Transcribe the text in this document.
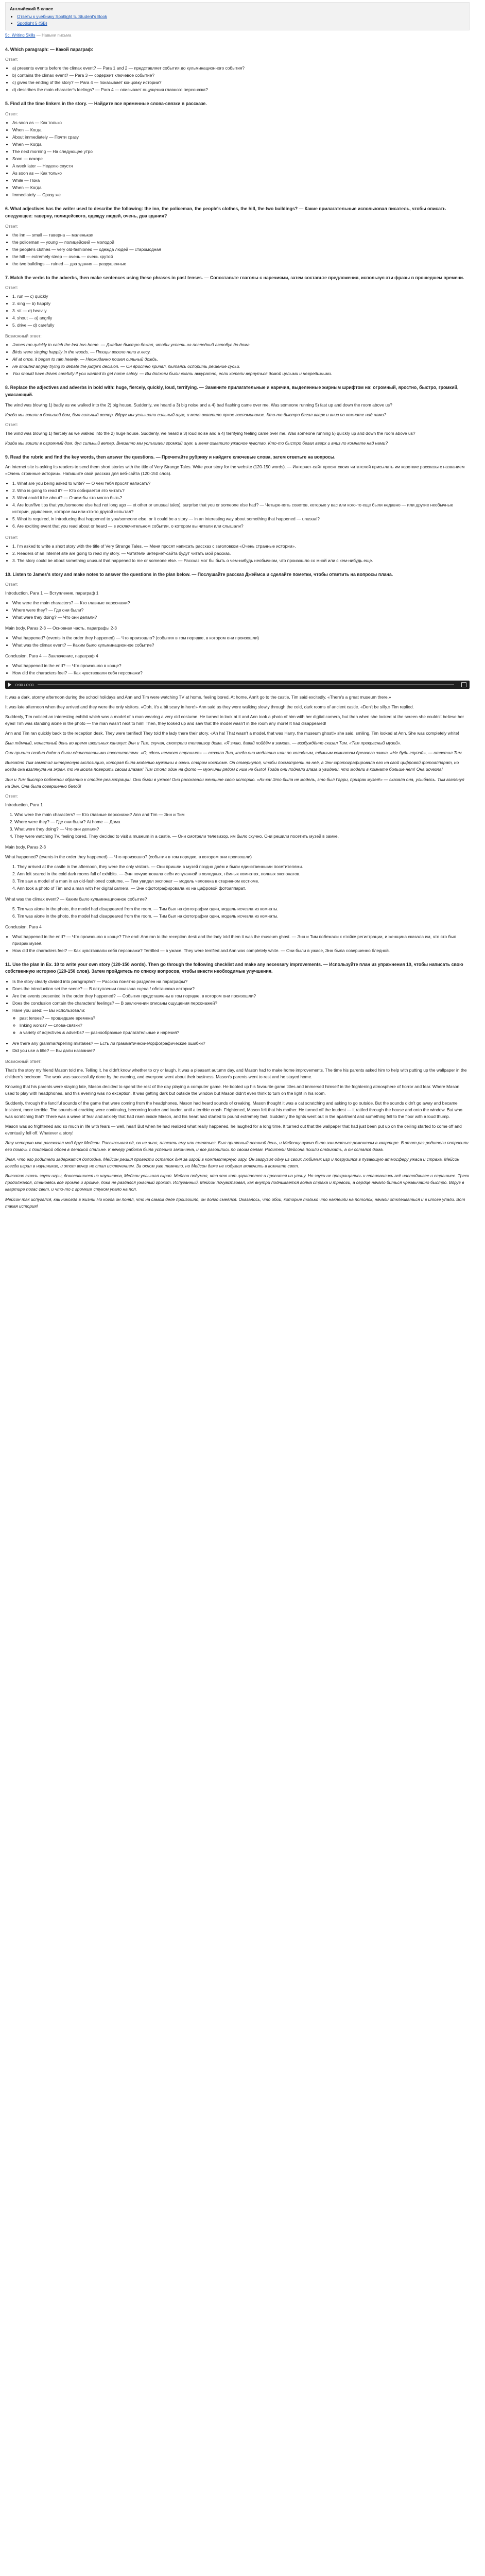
Английский 5 класс
• Ответы к учебнику Spotlight 5. Student's Book
• Spotlight 5 (SB)
5с. Writing Skills — Навыки письма
4. Which paragraph: — Какой параграф:
Ответ:
• a) presents events before the climax event? — Para 1 and 2 — представляет события до кульминационного события?
• b) contains the climax event? — Para 3 — содержит ключевое событие?
• c) gives the ending of the story? — Para 4 — показывает концовку истории?
• d) describes the main character's feelings? — Para 4 — описывает ощущения главного персонажа?
5. Find all the time linkers in the story. — Найдите все временные слова-связки в рассказе.
Ответ:
• As soon as — Как только
• When — Когда
• About immediately — Почти сразу
• When — Когда
• The next morning — На следующее утро
• Soon — вскоре
• A week later — Неделю спустя
• As soon as — Как только
• While — Пока
• When — Когда
• Immediately — Сразу же
6. What adjectives has the writer used to describe the following: the inn, the policeman, the people's clothes, the hill, the two buildings? — Какие прилагательные использовал писатель, чтобы описать следующее: таверну, полицейского, одежду людей, очень, два здания?
Ответ:
• the inn — small — таверна — маленькая
• the policeman — young — полицейский — молодой
• the people's clothes — very old-fashioned — одежда людей — старомодная
• the hill — extremely steep — очень — очень крутой
• the two buildings — ruined — два здания — разрушенные
7. Match the verbs to the adverbs, then make sentences using these phrases in past tenses. — Сопоставьте глаголы с наречиями, затем составьте предложения, используя эти фразы в прошедшем времени.
Ответ:
• 1. run — c) quickly
• 2. sing — b) happily
• 3. sit — e) heavily
• 4. shout — a) angrily
• 5. drive — d) carefully
Возможный ответ:
• James ran quickly to catch the last bus home. — Джеймс быстро бежал, чтобы успеть на последний автобус до дома.
• Birds were singing happily in the woods. — Птицы весело пели в лесу.
• All at once, it began to rain heavily. — Неожиданно пошел сильный дождь.
• He shouted angrily trying to debate the judge's decision. — Он яростно кричал, пытаясь оспорить решение судьи.
• You should have driven carefully if you wanted to get home safely. — Вы должны были ехать аккуратно, если хотели вернуться домой целыми и невредимыми.
8. Replace the adjectives and adverbs in bold with: huge, fiercely, quickly, loud, terrifying. — Замените прилагательные и наречия, выделенные жирным шрифтом на: огромный, яростно, быстро, громкий, ужасающий.

The wind was blowing 1) badly as we walked into the 2) big house. Suddenly, we heard a 3) big noise and a 4) bad flashing came over me. Was someone running 5) fast up and down the room above us?

Когда мы вошли в большой дом, был сильный ветер. Вдруг мы услышали сильный шум, и меня охватило яркое воспоминание. Кто-то быстро бегал вверх и вниз по комнате над нами?

Ответ:

The wind was blowing 1) fiercely as we walked into the 2) huge house. Suddenly, we heard a 3) loud noise and a 4) terrifying feeling came over me. Was someone running 5) quickly up and down the room above us?

Когда мы вошли в огромный дом, дул сильный ветер. Внезапно мы услышали громкий шум, и меня охватило ужасное чувство. Кто-то быстро бегал вверх и вниз по комнате над нами?

9. Read the rubric and find the key words, then answer the questions. — Прочитайте рубрику и найдите ключевые слова, затем ответьте на вопросы.

An Internet site is asking its readers to send them short stories with the title of Very Strange Tales. Write your story for the website (120-150 words). — Интернет-сайт просит своих читателей присылать им короткие рассказы с названием «Очень странные истории». Напишите свой рассказ для веб-сайта (120-150 слов).

• 1. What are you being asked to write? — О чем тебя просят написать?
• 2. Who is going to read it? — Кто собирается это читать?
• 3. What could it be about? — О чем бы это могло быть?
• 4. Are four/five tips that you/someone else had not long ago — et other or unusual tales), surprise that you or someone else had? — Четыре-пять советов, которые у вас или кого-то еще были недавно — или другие необычные истории, удивление, которое вы или кто-то другой испытал?
• 5. What is required, in introducing that happened to you/someone else, or it could be a story — in an interesting way about something that happened — unusual?
• 6. Are exciting event that you read about or heard — в исключительном событии, о котором вы читали или слышали?
Ответ:
• 1. I'm asked to write a short story with the title of Very Strange Tales. — Меня просят написать рассказ с заголовком «Очень странные истории».
• 2. Readers of an Internet site are going to read my story. — Читатели интернет-сайта будут читать мой рассказ.
• 3. The story could be about something unusual that happened to me or someone else. — Рассказ мог бы быть о чем-нибудь необычном, что произошло со мной или с кем-нибудь еще.
10. Listen to James's story and make notes to answer the questions in the plan below. — Послушайте рассказ Джеймса и сделайте пометки, чтобы ответить на вопросы плана.
Ответ:

Introduction, Para 1 — Вступление, параграф 1

• Who were the main characters? — Кто главные персонажи?
• Where were they? — Где они были?
• What were they doing? — Что они делали?

Main body, Paras 2-3 — Основная часть, параграфы 2-3

• What happened? (events in the order they happened) — Что произошло? (события в том порядке, в котором они произошли)
• What was the climax event? — Каким было кульминационное событие?

Conclusion, Para 4 — Заключение, параграф 4

• What happened in the end? — Что произошло в конце?
• How did the characters feel? — Как чувствовали себя персонажи?
0:00 / 0:00

It was a dark, stormy afternoon during the school holidays and Ann and Tim were watching TV at home, feeling bored. At home, Ann't go to the castle, Tim said excitedly. «There's a great museum there.»

It was late afternoon when they arrived and they were the only visitors. «Ooh, it's a bit scary in here!» Ann said as they were walking slowly through the cold, dark rooms of ancient castle. «Don't be silly.» Tim replied.

Suddenly, Tim noticed an interesting exhibit which was a model of a man wearing a very old costume. He turned to look at it and Ann took a photo of him with her digital camera, but then when she looked at the screen she couldn't believe her eyes! Tim was standing alone in the photo — the man wasn't next to him! Then, they looked up and saw that the model wasn't in the room any more! It had disappeared!

Ann and Tim ran quickly back to the reception desk. They were terrified! They told the lady there their story. «Ah ha! That wasn't a model, that was Harry, the museum ghost!» she said, smiling. Tim looked at Ann. She was completely white!

Был тёмный, ненастный день во время школьных каникул; Энн и Тим, скучая, смотрели телевизор дома. «Я знаю, давай пойдём в замок», — возбуждённо сказал Тим. «Там прекрасный музей».

Они пришли поздно днём и были единственными посетителями. «О, здесь немного страшно!» — сказала Энн, когда они медленно шли по холодным, тёмным комнатам древнего замка. «Не будь глупой», — ответил Тим.

Внезапно Тим заметил интересную экспозицию, которая была моделью мужчины в очень старом костюме. Он отвернулся, чтобы посмотреть на неё, а Энн сфотографировала его на свой цифровой фотоаппарат, но когда она взглянула на экран, то не могла поверить своим глазам! Тим стоял один на фото — мужчины рядом с ним не было! Тогда они подняли глаза и увидели, что модели в комнате больше нет! Она исчезла!

Энн и Тим быстро побежали обратно к стойке регистрации. Они были в ужасе! Они рассказали женщине свою историю. «Ах-ха! Это была не модель, это был Гарри, призрак музея!» — сказала она, улыбаясь. Тим взглянул на Энн. Она была совершенно белой!

Ответ:

Introduction, Para 1

1. Who were the main characters? — Кто главные персонажи? Ann and Tim — Энн и Тим
2. Where were they? — Где они были? At home — Дома
3. What were they doing? — Что они делали?
4. They were watching TV, feeling bored. They decided to visit a museum in a castle. — Они смотрели телевизор, им было скучно. Они решили посетить музей в замке.

Main body, Paras 2-3

What happened? (events in the order they happened) — Что произошло? (события в том порядке, в котором они произошли)

1. They arrived at the castle in the afternoon, they were the only visitors. — Они пришли в музей поздно днём и были единственными посетителями.
2. Ann felt scared in the cold dark rooms full of exhibits. — Энн почувствовала себя испуганной в холодных, тёмных комнатах, полных экспонатов.
3. Tim saw a model of a man in an old-fashioned costume. — Тим увидел экспонат — модель человека в старинном костюме.
4. Ann took a photo of Tim and a man with her digital camera. — Энн сфотографировала их на цифровой фотоаппарат.

What was the climax event? — Каким было кульминационное событие?

5. Tim was alone in the photo, the model had disappeared from the room. — Тим был на фотографии один, модель исчезла из комнаты.
6. Tim was alone in the photo, the model had disappeared from the room. — Тим был на фотографии один, модель исчезла из комнаты.

Conclusion, Para 4

• What happened in the end? — Что произошло в конце? The end: Ann ran to the reception desk and the lady told them it was the museum ghost. — Энн и Тим побежали к стойке регистрации, и женщина сказала им, что это был призрак музея.
• How did the characters feel? — Как чувствовали себя персонажи? Terrified — в ужасе. They were terrified and Ann was completely white. — Они были в ужасе, Энн была совершенно бледной.
11. Use the plan in Ex. 10 to write your own story (120-150 words). Then go through the following checklist and make any necessary improvements. — Используйте план из упражнения 10, чтобы написать свою собственную историю (120-150 слов). Затем пройдитесь по списку вопросов, чтобы внести необходимые улучшения.
• Is the story clearly divided into paragraphs? — Рассказ понятно разделен на параграфы?
• Does the introduction set the scene? — В вступлении показана сцена / обстановка истории?
• Are the events presented in the order they happened? — События представлены в том порядке, в котором они произошли?
• Does the conclusion contain the characters' feelings? — В заключении описаны ощущения персонажей?
• Have you used: — Вы использовали:
◦ past tenses? — прошедшие времена?
◦ linking words? — слова-связки?
◦ a variety of adjectives & adverbs? — разнообразные прилагательные и наречия?
• Are there any grammar/spelling mistakes? — Есть ли грамматические/орфографические ошибки?
• Did you use a title? — Вы дали название?
Возможный ответ:

That's the story my friend Mason told me. Telling it, he didn't know whether to cry or laugh. It was a pleasant autumn day, and Mason had to make home improvements. The time his parents asked him to help with putting up the wallpaper in the children's bedroom. The work was successfully done by the evening, and everyone went about their business. Mason's parents went to rest and he stayed home.

Knowing that his parents were staying late, Mason decided to spend the rest of the day playing a computer game. He booted up his favourite game titles and immersed himself in the frightening atmosphere of horror and fear. Where Mason used to play with headphones, and this evening was no exception. It was getting dark but outside the window but Mason didn't even think to turn on the light in his room.

Suddenly, through the fanciful sounds of the game that were coming from the headphones, Mason had heard sounds of creaking. Mason thought it was a cat scratching and asking to go outside. But the sounds didn't go away and became insistent, more terrible. The sounds of cracking were continuing, becoming louder and louder, until a terrible crash. Frightened, Mason felt that his mother. He turned off the loudest — it rattled through the house and onto the window. But who was scratching that? There was a wave of fear and anxiety that had risen inside Mason, and his heart had started to pound extremely fast. Suddenly the lights went out in the apartment and something fell to the floor with a loud thump.

Mason was so frightened and so much in life with fears — well, hear! But when he had realized what really happened, he laughed for a long time. It turned out that the wallpaper that had just been put up on the ceiling started to come off and eventually fell off. Whatever a story!

Эту историю мне рассказал мой друг Мейсон. Рассказывая её, он не знал, плакать ему или смеяться. Был приятный осенний день, и Мейсону нужно было заниматься ремонтом в квартире. В этот раз родители попросили его помочь с поклейкой обоев в детской спальне. К вечеру работа была успешно закончена, и все разошлись по своим делам. Родители Мейсона пошли отдыхать, а он остался дома.

Зная, что его родители задержатся допоздна, Мейсон решил провести остаток дня за игрой в компьютерную игру. Он загрузил одну из своих любимых игр и погрузился в пугающую атмосферу ужаса и страха. Мейсон всегда играл в наушниках, и этот вечер не стал исключением. За окном уже темнело, но Мейсон даже не подумал включить в комнате свет.

Внезапно сквозь звуки игры, доносившиеся из наушников, Мейсон услышал скрип. Мейсон подумал, что это кот царапается и просится на улицу. Но звуки не прекращались и становились всё настойчивее и страшнее. Треск продолжался, становясь всё громче и громче, пока не раздался ужасный грохот. Испуганный, Мейсон почувствовал, как внутри поднимается волна страха и тревоги, а сердце начало биться чрезвычайно быстро. Вдруг в квартире погас свет, и что-то с громким стуком упало на пол.

Мейсон так испугался, как никогда в жизни! Но когда он понял, что на самом деле произошло, он долго смеялся. Оказалось, что обои, которые только что наклеили на потолок, начали отклеиваться и в итоге упали. Вот такая история!
